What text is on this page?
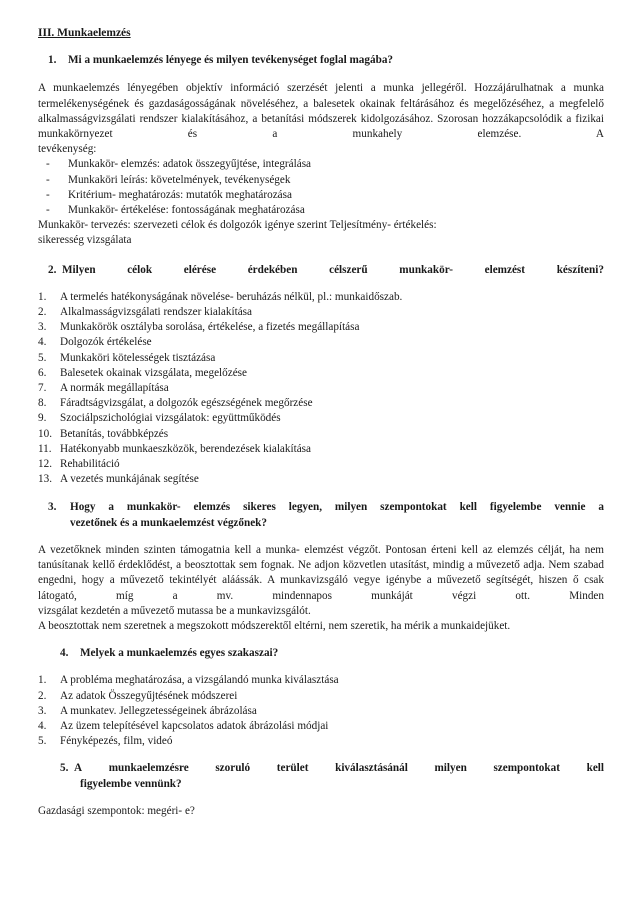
III. Munkaelemzés

1.	Mi a munkaelemzés lényege és milyen tevékenységet foglal magába?

A munkaelemzés lényegében objektív információ szerzését jelenti a munka jellegéről. Hozzájárulhatnak a munka termelékenységének és gazdaságosságának növeléséhez, a balesetek okainak feltárásához és megelőzéséhez, a megfelelő alkalmasságvizsgálati rendszer kialakításához, a betanítási módszerek kidolgozásához. Szorosan hozzákapcsolódik a fizikai munkakörnyezet és a munkahely elemzése. A

tevékenység:

-	Munkakör- elemzés: adatok összegyűjtése, integrálása
-	Munkaköri leírás: követelmények, tevékenységek
-	Kritérium- meghatározás: mutatók meghatározása
-	Munkakör- értékelése: fontosságának meghatározása

Munkakör- tervezés: szervezeti célok és dolgozók igénye szerint Teljesítmény- értékelés:

sikeresség vizsgálata

2. Milyen	célok	elérése	érdekében	célszerű	munkakör-	elemzést	készíteni?
1.	A termelés hatékonyságának növelése- beruházás nélkül, pl.: munkaidőszab.
2.	Alkalmasságvizsgálati rendszer kialakítása
3.	Munkakörök osztályba sorolása, értékelése, a fizetés megállapítása
4.	Dolgozók értékelése
5.	Munkaköri kötelességek tisztázása
6.	Balesetek okainak vizsgálata, megelőzése
7.	A normák megállapítása
8.	Fáradtságvizsgálat, a dolgozók egészségének megőrzése
9.	Szociálpszichológiai vizsgálatok: együttműködés
10. Betanítás, továbbképzés
11. Hatékonyabb munkaeszközök, berendezések kialakítása
12. Rehabilitáció
13. A vezetés munkájának segítése
3.	Hogy a munkakör- elemzés sikeres legyen, milyen szempontokat kell figyelembe vennie a

vezetőnek és a munkaelemzést végzőnek?

A vezetőknek minden szinten támogatnia kell a munka- elemzést végzőt. Pontosan érteni kell az elemzés célját, ha nem tanúsítanak kellő érdeklődést, a beosztottak sem fognak. Ne adjon közvetlen utasítást, mindig a művezető adja. Nem szabad engedni, hogy a művezető tekintélyét aláássák. A munkavizsgáló vegye igénybe a művezető segítségét, hiszen ő csak látogató, míg a mv. mindennapos munkáját végzi ott. Minden

vizsgálat kezdetén a művezető mutassa be a munkavizsgálót.

A beosztottak nem szeretnek a megszokott módszerektől eltérni, nem szeretik, ha mérik a munkaidejüket.

4.	Melyek a munkaelemzés egyes szakaszai?
1.	A probléma meghatározása, a vizsgálandó munka kiválasztása
2.	Az adatok Összegyűjtésének módszerei
3.	A munkatev. Jellegzetességeinek ábrázolása
4.	Az üzem telepítésével kapcsolatos adatok ábrázolási módjai
5.	Fényképezés, film, videó
5. A munkaelemzésre szoruló terület kiválasztásánál milyen szempontokat kell

figyelembe vennünk?

Gazdasági szempontok: megéri- e?
